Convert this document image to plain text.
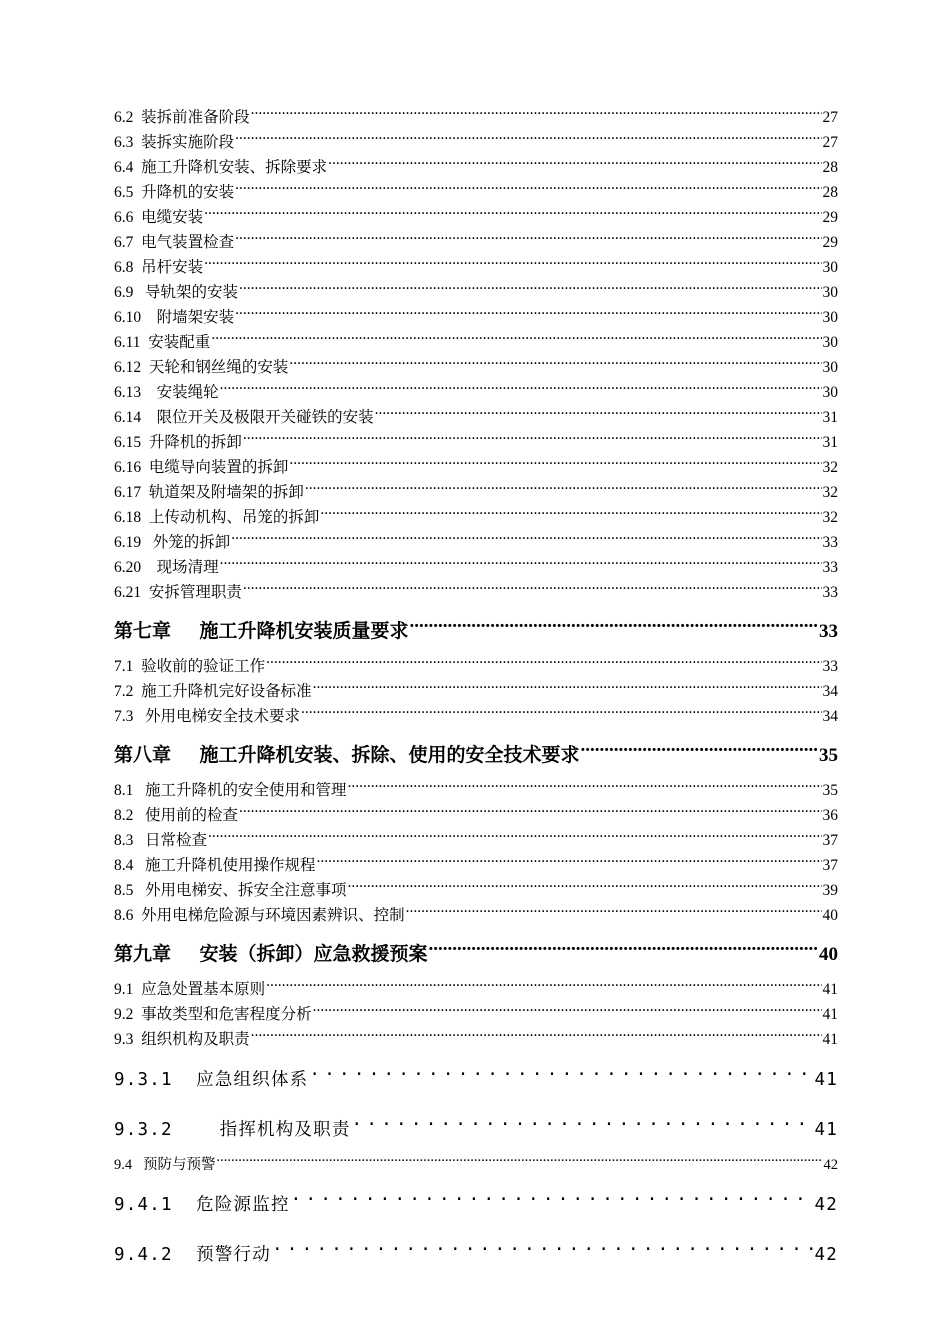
6.2  装拆前准备阶段 .....	27
6.3  装拆实施阶段 .....	27
6.4  施工升降机安装、拆除要求 .....	28
6.5  升降机的安装 .....	28
6.6  电缆安装 .....	29
6.7  电气装置检查 .....	29
6.8  吊杆安装 .....	30
6.9   导轨架的安装 .....	30
6.10    附墙架安装 .....	30
6.11  安装配重 .....	30
6.12  天轮和钢丝绳的安装 .....	30
6.13    安装绳轮 .....	30
6.14    限位开关及极限开关碰铁的安装 .....	31
6.15  升降机的拆卸 .....	31
6.16  电缆导向装置的拆卸 .....	32
6.17  轨道架及附墙架的拆卸 .....	32
6.18  上传动机构、吊笼的拆卸 .....	32
6.19   外笼的拆卸 .....	33
6.20    现场清理 .....	33
6.21  安拆管理职责 .....	33
第七章      施工升降机安装质量要求 .....	33
7.1  验收前的验证工作 .....	33
7.2  施工升降机完好设备标准 .....	34
7.3   外用电梯安全技术要求 .....	34
第八章      施工升降机安装、拆除、使用的安全技术要求 .....	35
8.1   施工升降机的安全使用和管理 .....	35
8.2   使用前的检查 .....	36
8.3   日常检查 .....	37
8.4   施工升降机使用操作规程 .....	37
8.5   外用电梯安、拆安全注意事项 .....	39
8.6  外用电梯危险源与环境因素辨识、控制 .....	40
第九章      安装（拆卸）应急救援预案 .....	40
9.1  应急处置基本原则 .....	41
9.2  事故类型和危害程度分析 .....	41
9.3  组织机构及职责 .....	41
9.3.1  应急组织体系 .....	41
9.3.2    指挥机构及职责 .....	41
9.4   预防与预警 .....	42
9.4.1  危险源监控 .....	42
9.4.2  预警行动 .....	42
